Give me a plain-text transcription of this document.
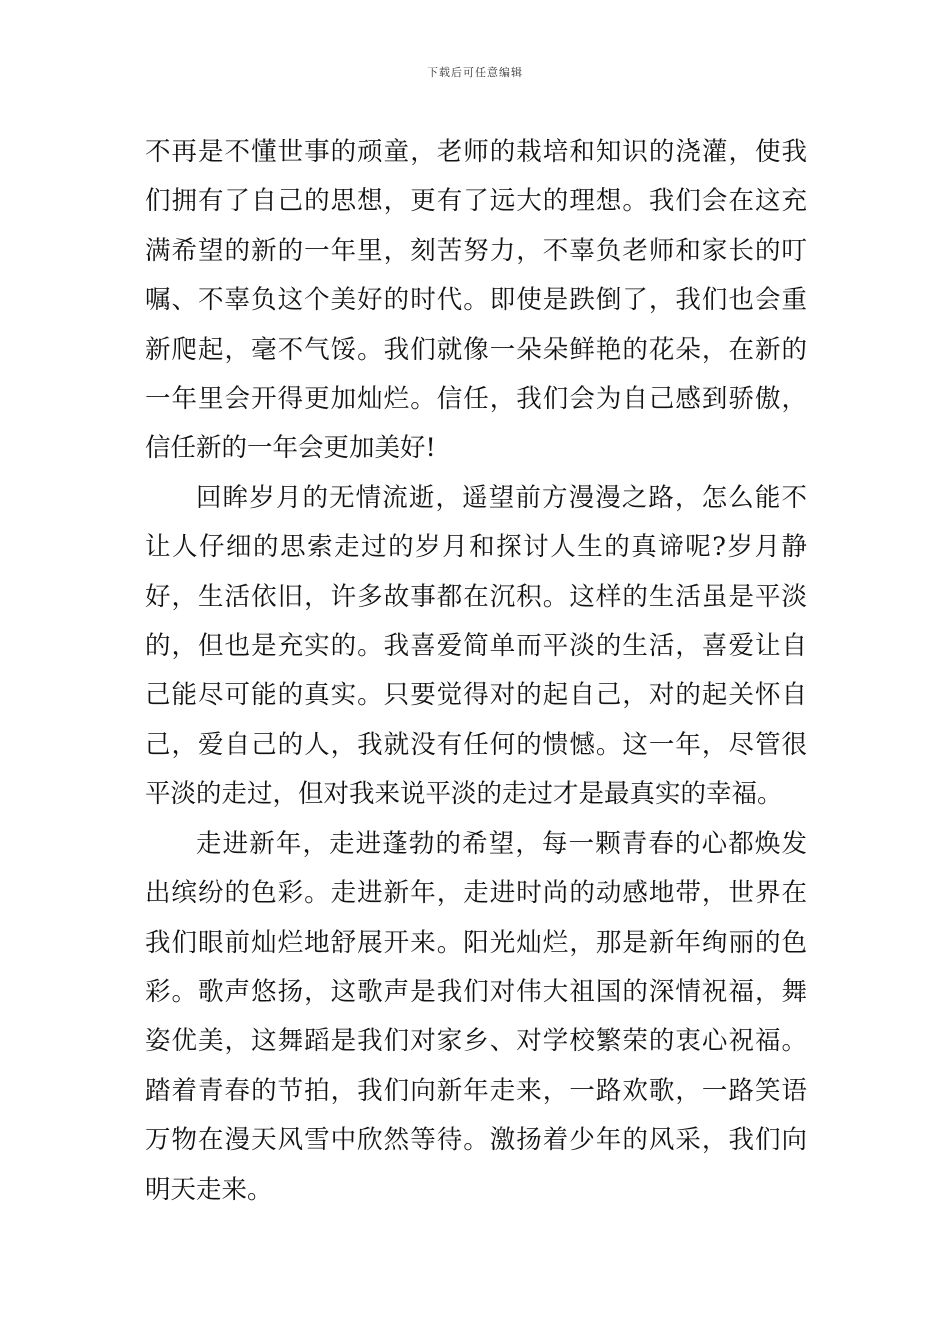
下载后可任意编辑

不再是不懂世事的顽童，老师的栽培和知识的浇灌，使我们拥有了自己的思想，更有了远大的理想。我们会在这充满希望的新的一年里，刻苦努力，不辜负老师和家长的叮嘱、不辜负这个美好的时代。即使是跌倒了，我们也会重新爬起，毫不气馁。我们就像一朵朵鲜艳的花朵，在新的一年里会开得更加灿烂。信任，我们会为自己感到骄傲，信任新的一年会更加美好!

回眸岁月的无情流逝，遥望前方漫漫之路，怎么能不让人仔细的思索走过的岁月和探讨人生的真谛呢?岁月静好，生活依旧，许多故事都在沉积。这样的生活虽是平淡的，但也是充实的。我喜爱简单而平淡的生活，喜爱让自己能尽可能的真实。只要觉得对的起自己，对的起关怀自己，爱自己的人，我就没有任何的愦憾。这一年，尽管很平淡的走过，但对我来说平淡的走过才是最真实的幸福。

走进新年，走进蓬勃的希望，每一颗青春的心都焕发出缤纷的色彩。走进新年，走进时尚的动感地带，世界在我们眼前灿烂地舒展开来。阳光灿烂，那是新年绚丽的色彩。歌声悠扬，这歌声是我们对伟大祖国的深情祝福，舞姿优美，这舞蹈是我们对家乡、对学校繁荣的衷心祝福。踏着青春的节拍，我们向新年走来，一路欢歌，一路笑语万物在漫天风雪中欣然等待。激扬着少年的风采，我们向明天走来。
